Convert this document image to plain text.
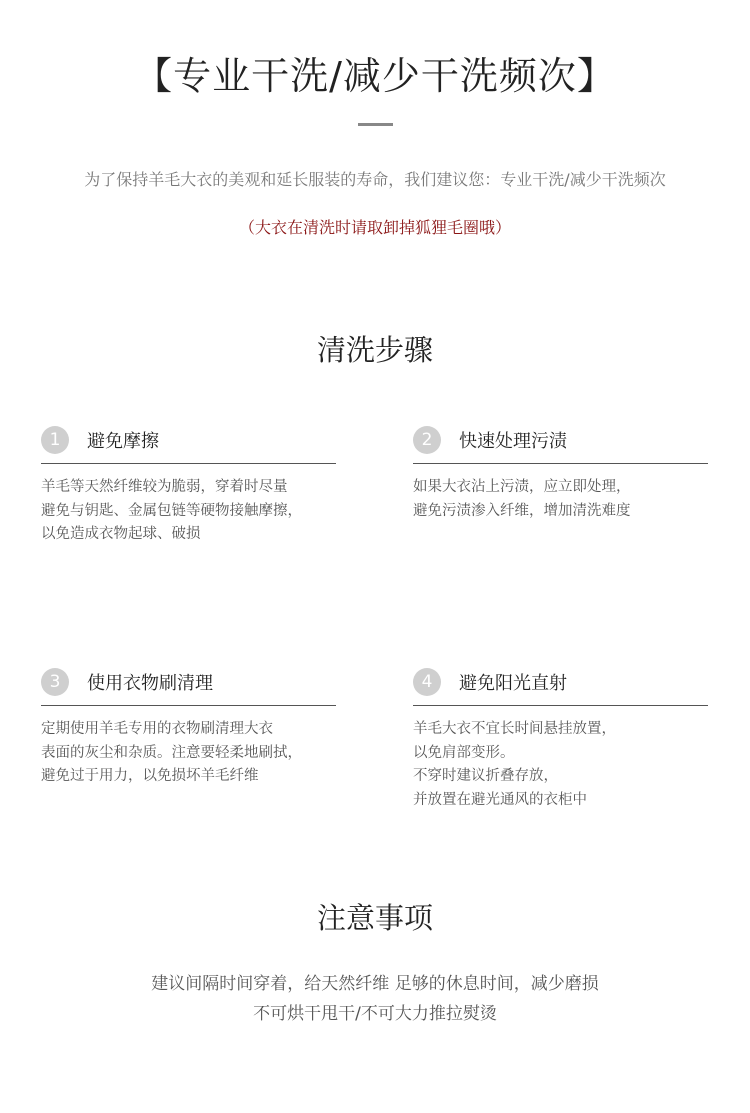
【专业干洗/减少干洗频次】
为了保持羊毛大衣的美观和延长服装的寿命，我们建议您：专业干洗/减少干洗频次
（大衣在清洗时请取卸掉狐狸毛圈哦）
清洗步骤
1	避免摩擦
羊毛等天然纤维较为脆弱，穿着时尽量
避免与钥匙、金属包链等硬物接触摩擦，
以免造成衣物起球、破损
2	快速处理污渍
如果大衣沾上污渍，应立即处理，
避免污渍渗入纤维，增加清洗难度
3	使用衣物刷清理
定期使用羊毛专用的衣物刷清理大衣
表面的灰尘和杂质。注意要轻柔地刷拭，
避免过于用力，以免损坏羊毛纤维
4	避免阳光直射
羊毛大衣不宜长时间悬挂放置，
以免肩部变形。
不穿时建议折叠存放，
并放置在避光通风的衣柜中
注意事项
建议间隔时间穿着，给天然纤维 足够的休息时间，减少磨损
不可烘干甩干/不可大力推拉熨烫
